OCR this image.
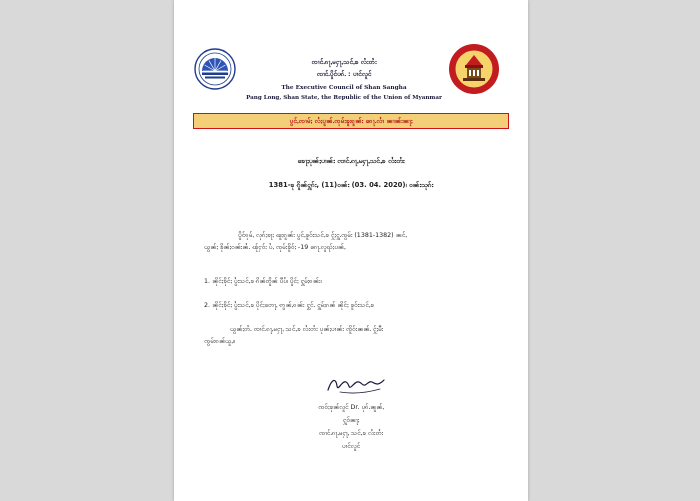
ၸၢင်ႉၵႃႇမႁႃႇသင်ႇၶ လႆးတႆး
ၸၢင်ႉပိူင်ပၵ်ႉ : ပၢင်လူင်
The Executive Council of Shan Sangha
Pang Long, Shan State, the Republic of the Union of Myanmar
ပွင်ႇၸၢမ်ႈ လႆႈပူၼ်ႉၸုမ်းၶူးၵူၼ်း ၵေႃႉလၢႆ ၼၢၼ်းၼႃႈ
ၶေႃႈပုၼ်ႈပၢၼ်း ၸၢင်ႉၵႃႇမႁႃႇသင်ႇၶ လႆးတႆး
1381-ၶု ၵိူၼ်ႁူၵ်း, (11)ဝၼ်း (03. 04. 2020)၊ ဝၼ်းသုၵ်း
ပိူင်ၵုမ်ႇ လုၵ်ႈၶႃႈ ၽူႈၵူၼ်း ပွင်ႇၶူဝ်းသင်ႇၶ ႁႂ်ႈႁူႉၸွမ်း (1381-1382) ၼင်ႇ
ယွၼ်ႈ ၶိုၼ်ႈဝၼ်းၼႆႉ ၽႂ်ႁဝ်း ပႆႇ ၸုမ်းၶိူဝ်ႈ -19 ၵေႃႉလူၺ်ႈပၼ်ႇ
1. ၼိုင်ႈၶိုင်ႈ ပွႆးသင်ႇၶ ၵိၼ်တိူၼ် ပီပႆ၊ ပိူင်ႈ ႁူမ်ႈၵၼ်း၊
2. ၼိုင်ႈၶိုင်ႈ ပွႆးသင်ႇၶ ပိုင်ႈတေႃႇ ဢွၼ်ႇၵၼ်း ႁွင်ႉ ႁူမ်ႈၵၼ် ၼိုင်ႈ ၶူဝ်းသင်ႇၶ
ယွၼ်ႈတႆႉ ၸၢင်ႉၵႃႇမႁႃႇ သင်ႇၶ လႆးတႆး ပုၼ်ႈပၢၼ်း ၸိူဝ်းၼၼ်ႉ ႁႂ်ႈမီး
ၸွမ်းၵၼ်ယူႇ။
ၸဝ်ႈၶုၼ်လူင် Dr. ပုၵ်ႉၼူၼ်ႇ
ႁူဝ်ၼႃႈ
ၸၢင်ႉၵႃႇမႁႃႇ သင်ႇၶ လႆးတႆး
ပၢင်လူင်
